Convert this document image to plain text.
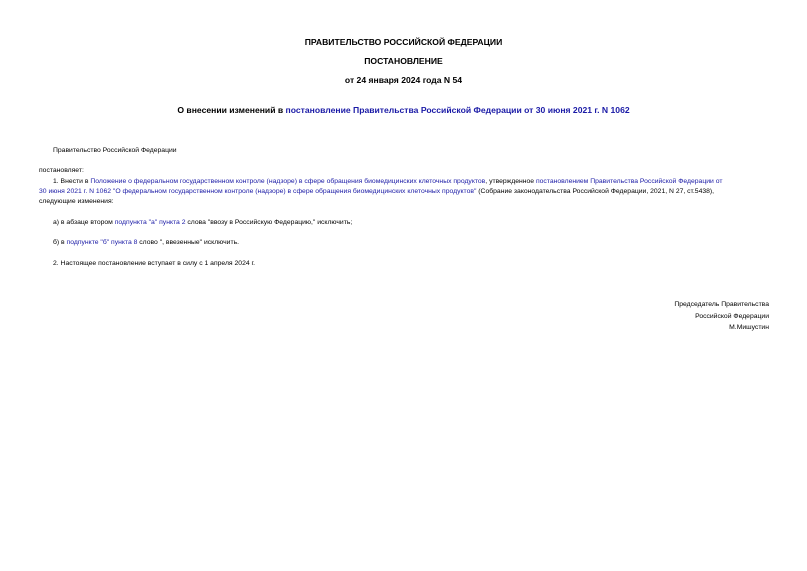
ПРАВИТЕЛЬСТВО РОССИЙСКОЙ ФЕДЕРАЦИИ
ПОСТАНОВЛЕНИЕ
от 24 января 2024 года N 54
О внесении изменений в постановление Правительства Российской Федерации от 30 июня 2021 г. N 1062
Правительство Российской Федерации
постановляет:
1. Внести в Положение о федеральном государственном контроле (надзоре) в сфере обращения биомедицинских клеточных продуктов, утвержденное постановлением Правительства Российской Федерации от
30 июня 2021 г. N 1062 "О федеральном государственном контроле (надзоре) в сфере обращения биомедицинских клеточных продуктов" (Собрание законодательства Российской Федерации, 2021, N 27, ст.5438),
следующие изменения:
а) в абзаце втором подпункта "а" пункта 2 слова "ввозу в Российскую Федерацию," исключить;
б) в подпункте "б" пункта 8 слово ", ввезенные" исключить.
2. Настоящее постановление вступает в силу с 1 апреля 2024 г.
Председатель Правительства
Российской Федерации
М.Мишустин
